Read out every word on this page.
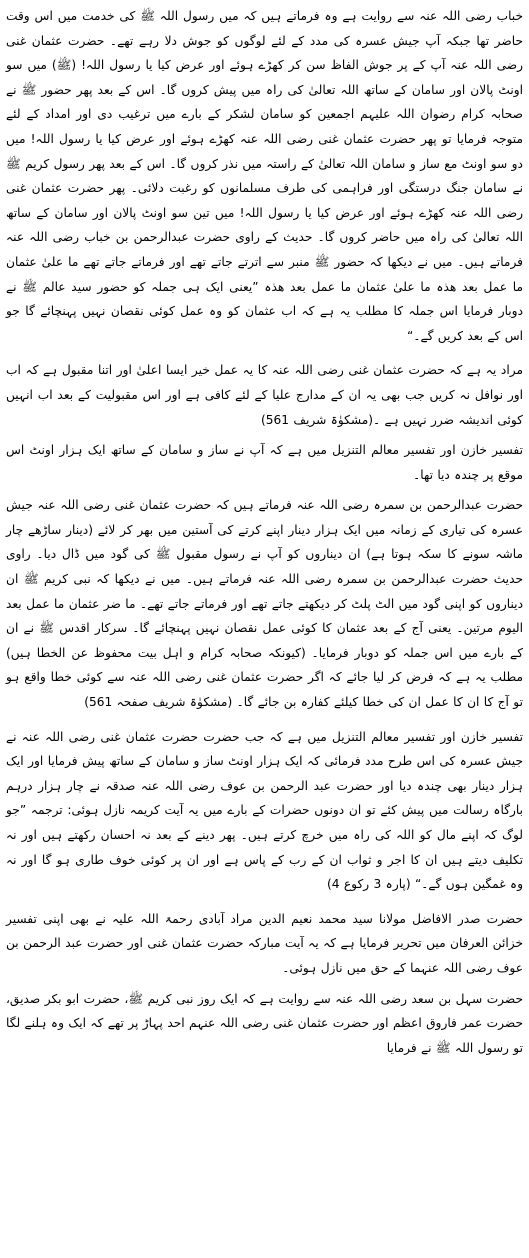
خباب رضی اللہ عنہ سے روایت ہے وہ فرماتے ہیں کہ میں رسول اللہ ﷺ کی خدمت میں اس وقت حاضر تھا جبکہ آپ جیش عسرہ کی مدد کے لئے لوگوں کو جوش دلا رہے تھے۔ حضرت عثمان غنی رضی اللہ عنہ آپ کے پر جوش الفاظ سن کر کھڑے ہوئے اور عرض کیا یا رسول اللہ! (ﷺ) میں سو اونٹ پالان اور سامان کے ساتھ اللہ تعالیٰ کی راہ میں پیش کروں گا۔ اس کے بعد پھر حضور ﷺ نے صحابہ کرام رضوان اللہ علیہم اجمعین کو سامان لشکر کے بارے میں ترغیب دی اور امداد کے لئے متوجہ فرمایا تو پھر حضرت عثمان غنی رضی اللہ عنہ کھڑے ہوئے اور عرض کیا یا رسول اللہ! میں دو سو اونٹ مع ساز و سامان اللہ تعالیٰ کے راستہ میں نذر کروں گا۔ اس کے بعد پھر رسول کریم ﷺ نے سامان جنگ درستگی اور فراہمی کی طرف مسلمانوں کو رغبت دلائی۔ پھر حضرت عثمان غنی رضی اللہ عنہ کھڑے ہوئے اور عرض کیا یا رسول اللہ! میں تین سو اونٹ پالان اور سامان کے ساتھ اللہ تعالیٰ کی راہ میں حاضر کروں گا۔ حدیث کے راوی حضرت عبدالرحمن بن خباب رضی اللہ عنہ فرماتے ہیں۔ میں نے دیکھا کہ حضور ﷺ منبر سے اترتے جاتے تھے اور فرماتے جاتے تھے ما علیٰ عثمان ما عمل بعد ھذہ ما علیٰ عثمان ما عمل بعد ھذہ ”یعنی ایک ہی جملہ کو حضور سید عالم ﷺ نے دوبار فرمایا اس جملہ کا مطلب یہ ہے کہ اب عثمان کو وہ عمل کوئی نقصان نہیں پہنچائے گا جو اس کے بعد کریں گے۔“

مراد یہ ہے کہ حضرت عثمان غنی رضی اللہ عنہ کا یہ عمل خیر ایسا اعلیٰ اور اتنا مقبول ہے کہ اب اور نوافل نہ کریں جب بھی یہ ان کے مدارج علیا کے لئے کافی ہے اور اس مقبولیت کے بعد اب انہیں کوئی اندیشہ ضرر نہیں ہے ۔(مشکوٰۃ شریف 561)

تفسیر خازن اور تفسیر معالم التنزیل میں ہے کہ آپ نے ساز و سامان کے ساتھ ایک ہزار اونٹ اس موقع پر چندہ دیا تھا۔

حضرت عبدالرحمن بن سمرہ رضی اللہ عنہ فرماتے ہیں کہ حضرت عثمان غنی رضی اللہ عنہ جیش عسرہ کی تیاری کے زمانہ میں ایک ہزار دینار اپنے کرتے کی آستین میں بھر کر لائے (دینار ساڑھے چار ماشہ سونے کا سکہ ہوتا ہے) ان دیناروں کو آپ نے رسول مقبول ﷺ کی گود میں ڈال دیا۔ راوی حدیث حضرت عبدالرحمن بن سمرہ رضی اللہ عنہ فرماتے ہیں۔ میں نے دیکھا کہ نبی کریم ﷺ ان دیناروں کو اپنی گود میں الٹ پلٹ کر دیکھتے جاتے تھے اور فرماتے جاتے تھے۔ ما ضر عثمان ما عمل بعد الیوم مرتین۔ یعنی آج کے بعد عثمان کا کوئی عمل نقصان نہیں پہنچائے گا۔ سرکار اقدس ﷺ نے ان کے بارے میں اس جملہ کو دوبار فرمایا۔ (کیونکہ صحابہ کرام و اہل بیت محفوظ عن الخطا ہیں) مطلب یہ ہے کہ فرض کر لیا جائے کہ اگر حضرت عثمان غنی رضی اللہ عنہ سے کوئی خطا واقع ہو تو آج کا ان کا عمل ان کی خطا کیلئے کفارہ بن جائے گا۔ (مشکوٰۃ شریف صفحہ 561)

تفسیر خازن اور تفسیر معالم التنزیل میں ہے کہ جب حضرت حضرت عثمان غنی رضی اللہ عنہ نے جیش عسرہ کی اس طرح مدد فرمائی کہ ایک ہزار اونٹ ساز و سامان کے ساتھ پیش فرمایا اور ایک ہزار دینار بھی چندہ دیا اور حضرت عبد الرحمن بن عوف رضی اللہ عنہ صدقہ نے چار ہزار درہم بارگاہ رسالت میں پیش کئے تو ان دونوں حضرات کے بارے میں یہ آیت کریمہ نازل ہوئی: ترجمہ ”جو لوگ کہ اپنے مال کو اللہ کی راہ میں خرچ کرتے ہیں۔ پھر دینے کے بعد نہ احسان رکھتے ہیں اور نہ تکلیف دیتے ہیں ان کا اجر و ثواب ان کے رب کے پاس ہے اور ان پر کوئی خوف طاری ہو گا اور نہ وہ غمگین ہوں گے۔“ (پارہ 3 رکوع 4)

حضرت صدر الافاضل مولانا سید محمد نعیم الدین مراد آبادی رحمۃ اللہ علیہ نے بھی اپنی تفسیر خزائن العرفان میں تحریر فرمایا ہے کہ یہ آیت مبارکہ حضرت عثمان غنی اور حضرت عبد الرحمن بن عوف رضی اللہ عنہما کے حق میں نازل ہوئی۔

حضرت سہل بن سعد رضی اللہ عنہ سے روایت ہے کہ ایک روز نبی کریم ﷺ، حضرت ابو بکر صدیق، حضرت عمر فاروق اعظم اور حضرت عثمان غنی رضی اللہ عنہم احد پہاڑ پر تھے کہ ایک وہ ہلنے لگا تو رسول اللہ ﷺ نے فرمایا
